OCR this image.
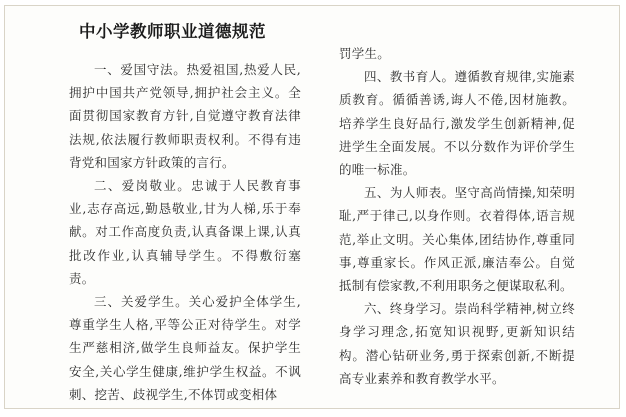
中小学教师职业道德规范

一、爱国守法。热爱祖国,热爱人民,拥护中国共产党领导,拥护社会主义。全面贯彻国家教育方针,自觉遵守教育法律法规,依法履行教师职责权利。不得有违背党和国家方针政策的言行。

二、爱岗敬业。忠诚于人民教育事业,志存高远,勤恳敬业,甘为人梯,乐于奉献。对工作高度负责,认真备课上课,认真批改作业,认真辅导学生。不得敷衍塞责。

三、关爱学生。关心爱护全体学生,尊重学生人格,平等公正对待学生。对学生严慈相济,做学生良师益友。保护学生安全,关心学生健康,维护学生权益。不讽刺、挖苦、歧视学生,不体罚或变相体

罚学生。

四、教书育人。遵循教育规律,实施素质教育。循循善诱,诲人不倦,因材施教。培养学生良好品行,激发学生创新精神,促进学生全面发展。不以分数作为评价学生的唯一标准。

五、为人师表。坚守高尚情操,知荣明耻,严于律己,以身作则。衣着得体,语言规范,举止文明。关心集体,团结协作,尊重同事,尊重家长。作风正派,廉洁奉公。自觉抵制有偿家教,不利用职务之便谋取私利。

六、终身学习。崇尚科学精神,树立终身学习理念,拓宽知识视野,更新知识结构。潜心钻研业务,勇于探索创新,不断提高专业素养和教育教学水平。
